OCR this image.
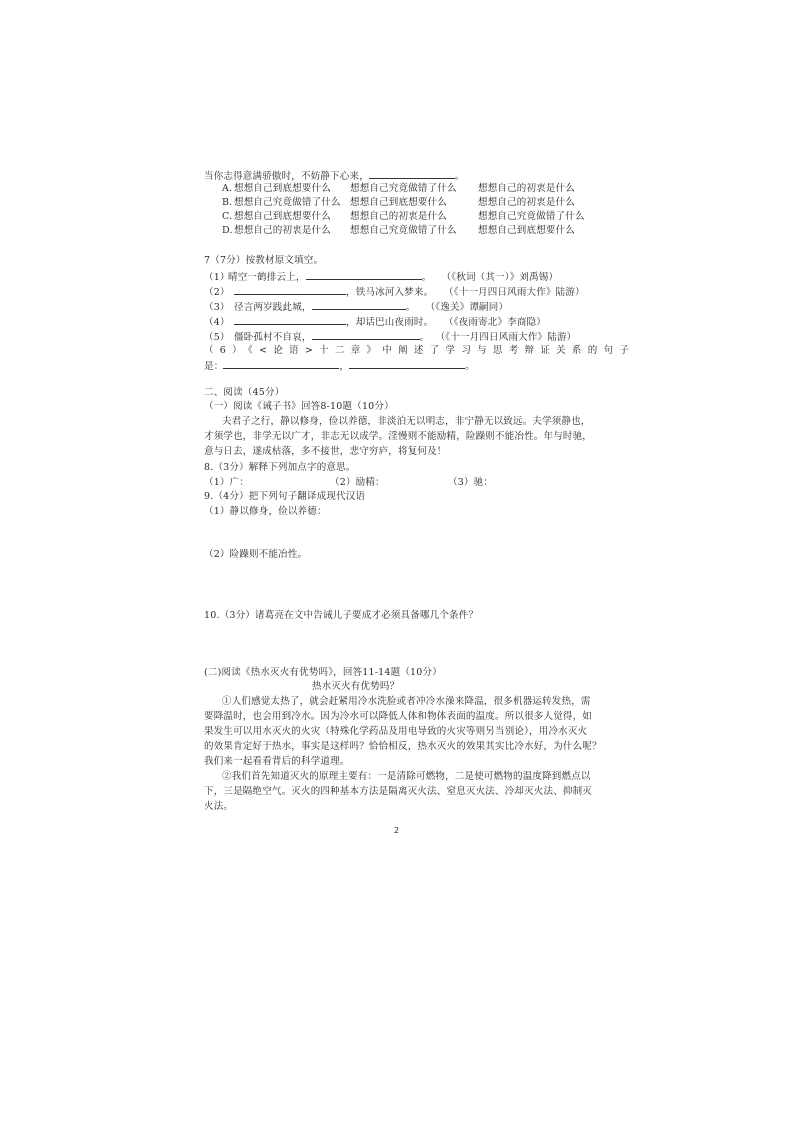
当你志得意满骄傲时，不妨静下心来，	。
A. 想想自己到底想要什么 想想自己究竟做错了什么 想想自己的初衷是什么
B. 想想自己究竟做错了什么 想想自己到底想要什么	想想自己的初衷是什么
C. 想想自己到底想要什么 想想自己的初衷是什么	想想自己究竟做错了什么
D.想想自己的初衷是什么 想想自己究竟做错了什么 想想自己到底想要什么
7（7分）按教材原文填空。
（1）晴空一鹤排云上，	。 （《秋词（其一）》刘禹锡）
（2）	，铁马冰河入梦来。 （《十一月四日风雨大作》陆游）
（3） 径言两岁践此城，	。 （《逸关》谭嗣同）
（4）	，却话巴山夜雨时。 （《夜雨寄北》李商隐）
（5） 僵卧孤村不自哀，	。 （《十一月四日风雨大作》陆游）
（6）《<论语>十二章》中阐述了学习与思考辩证关系的句子
是：	，	。
二、阅读（45分）
（一）阅读《诫子书》回答8-10题（10分）
夫君子之行，静以修身，俭以养德，非淡泊无以明志，非宁静无以致远。夫学须静也，
才须学也，非学无以广才，非志无以成学。淫慢则不能励精，险躁则不能冶性。年与时驰，
意与日去，遂成枯落，多不接世，悲守穷庐，将复何及！
8.（3分）解释下列加点字的意思。
（1）广：	（2）励精：	（3）驰：
9.（4分）把下列句子翻译成现代汉语
（1）静以修身，俭以养德：
（2）险躁则不能冶性。
10.（3分）诸葛亮在文中告诫儿子要成才必须具备哪几个条件？
(二)阅读《热水灭火有优势吗》，回答11-14题（10分）
热水灭火有优势吗？
①人们感觉太热了，就会赶紧用冷水洗脸或者冲冷水澡来降温，很多机器运转发热，需
要降温时，也会用到冷水。因为冷水可以降低人体和物体表面的温度。所以很多人觉得，如
果发生可以用水灭火的火灾（特殊化学药品及用电导致的火灾等则另当别论），用冷水灭火
的效果肯定好于热水，事实是这样吗？恰恰相反，热水灭火的效果其实比冷水好，为什么呢？
我们来一起看看背后的科学道理。
②我们首先知道灭火的原理主要有：一是清除可燃物，二是使可燃物的温度降到燃点以
下，三是隔绝空气。灭火的四种基本方法是隔离灭火法、窒息灭火法、冷却灭火法、抑制灭
火法。
2
